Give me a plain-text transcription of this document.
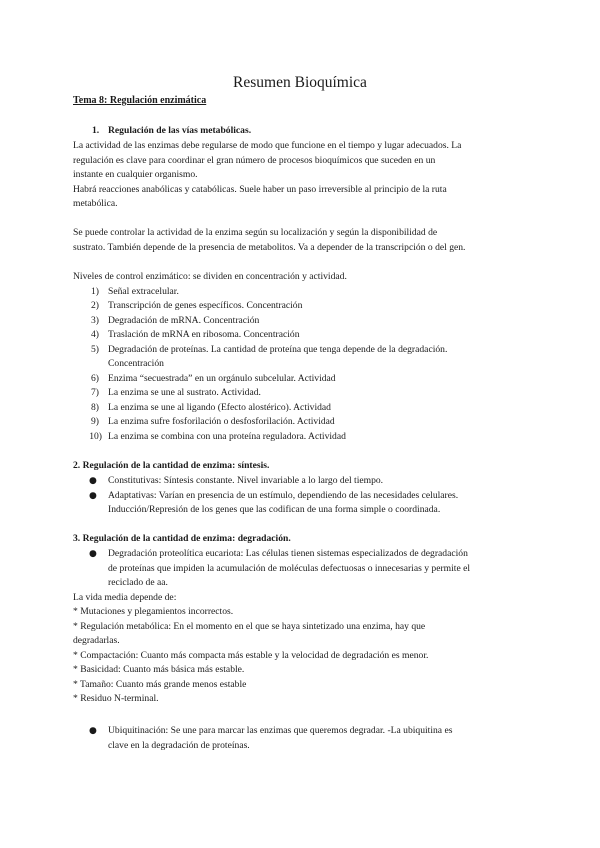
Resumen Bioquímica
Tema 8: Regulación enzimática
1. Regulación de las vías metabólicas.
La actividad de las enzimas debe regularse de modo que funcione en el tiempo y lugar adecuados. La
regulación es clave para coordinar el gran número de procesos bioquímicos que suceden en un
instante en cualquier organismo.
Habrá reacciones anabólicas y catabólicas. Suele haber un paso irreversible al principio de la ruta
metabólica.
Se puede controlar la actividad de la enzima según su localización y según la disponibilidad de
sustrato. También depende de la presencia de metabolitos. Va a depender de la transcripción o del gen.
Niveles de control enzimático: se dividen en concentración y actividad.
1) Señal extracelular.
2) Transcripción de genes específicos. Concentración
3) Degradación de mRNA. Concentración
4) Traslación de mRNA en ribosoma. Concentración
5) Degradación de proteínas. La cantidad de proteína que tenga depende de la degradación.
Concentración
6) Enzima “secuestrada” en un orgánulo subcelular. Actividad
7) La enzima se une al sustrato. Actividad.
8) La enzima se une al ligando (Efecto alostérico). Actividad
9) La enzima sufre fosforilación o desfosforilación. Actividad
10) La enzima se combina con una proteína reguladora. Actividad
2. Regulación de la cantidad de enzima: síntesis.
● Constitutivas: Síntesis constante. Nivel invariable a lo largo del tiempo.
● Adaptativas: Varían en presencia de un estímulo, dependiendo de las necesidades celulares.
Inducción/Represión de los genes que las codifican de una forma simple o coordinada.
3. Regulación de la cantidad de enzima: degradación.
● Degradación proteolítica eucariota: Las células tienen sistemas especializados de degradación
de proteínas que impiden la acumulación de moléculas defectuosas o innecesarias y permite el
reciclado de aa.
La vida media depende de:
* Mutaciones y plegamientos incorrectos.
* Regulación metabólica: En el momento en el que se haya sintetizado una enzima, hay que
degradarlas.
* Compactación: Cuanto más compacta más estable y la velocidad de degradación es menor.
* Basicidad: Cuanto más básica más estable.
* Tamaño: Cuanto más grande menos estable
* Residuo N-terminal.
● Ubiquitinación: Se une para marcar las enzimas que queremos degradar. -La ubiquitina es
clave en la degradación de proteínas.
